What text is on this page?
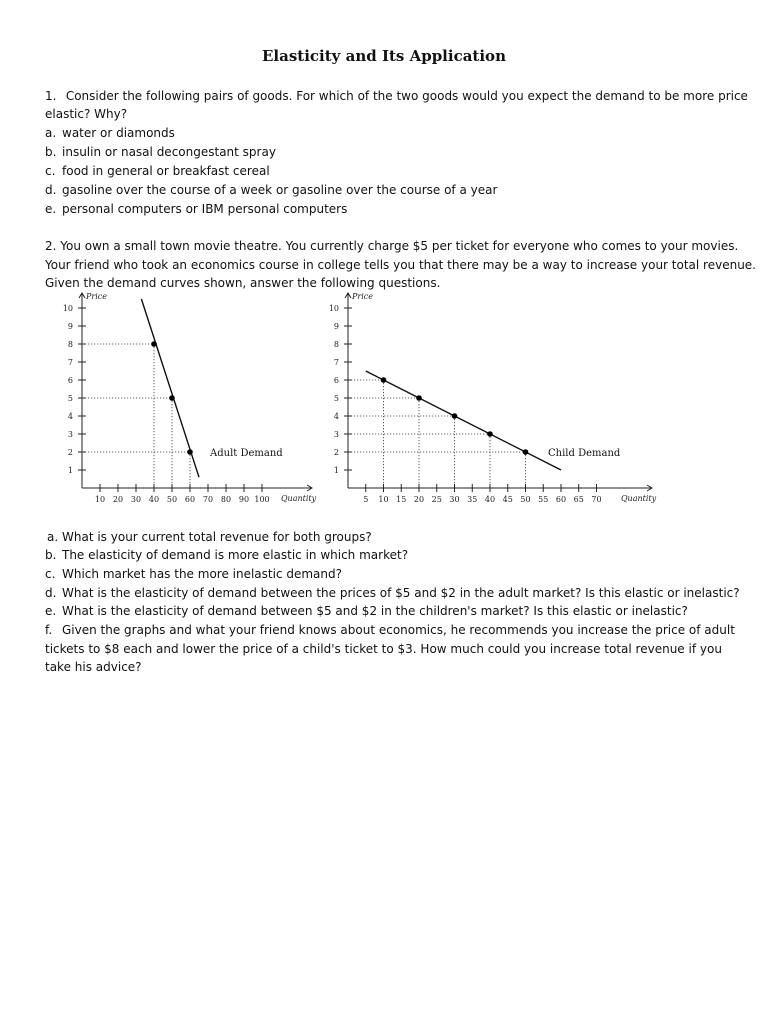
Elasticity and Its Application
1. Consider the following pairs of goods. For which of the two goods would you expect the demand to be more price
elastic? Why?
a. water or diamonds
b. insulin or nasal decongestant spray
c. food in general or breakfast cereal
d. gasoline over the course of a week or gasoline over the course of a year
e. personal computers or IBM personal computers
2. You own a small town movie theatre. You currently charge $5 per ticket for everyone who comes to your movies.
Your friend who took an economics course in college tells you that there may be a way to increase your total revenue.
Given the demand curves shown, answer the following questions.
Price
Quantity
1
2
3
4
5
6
7
8
9
10
10 20 30 40 50 60 70 80 90 100
Adult Demand
Price
Quantity
1
2
3
4
5
6
7
8
9
10
5 10 15 20 25 30 35 40 45 50 55 60 65 70
Child Demand
a. What is your current total revenue for both groups?
b. The elasticity of demand is more elastic in which market?
c. Which market has the more inelastic demand?
d. What is the elasticity of demand between the prices of $5 and $2 in the adult market? Is this elastic or inelastic?
e. What is the elasticity of demand between $5 and $2 in the children's market? Is this elastic or inelastic?
f. Given the graphs and what your friend knows about economics, he recommends you increase the price of adult tickets to $8 each and lower the price of a child's ticket to $3. How much could you increase total revenue if you take his advice?
